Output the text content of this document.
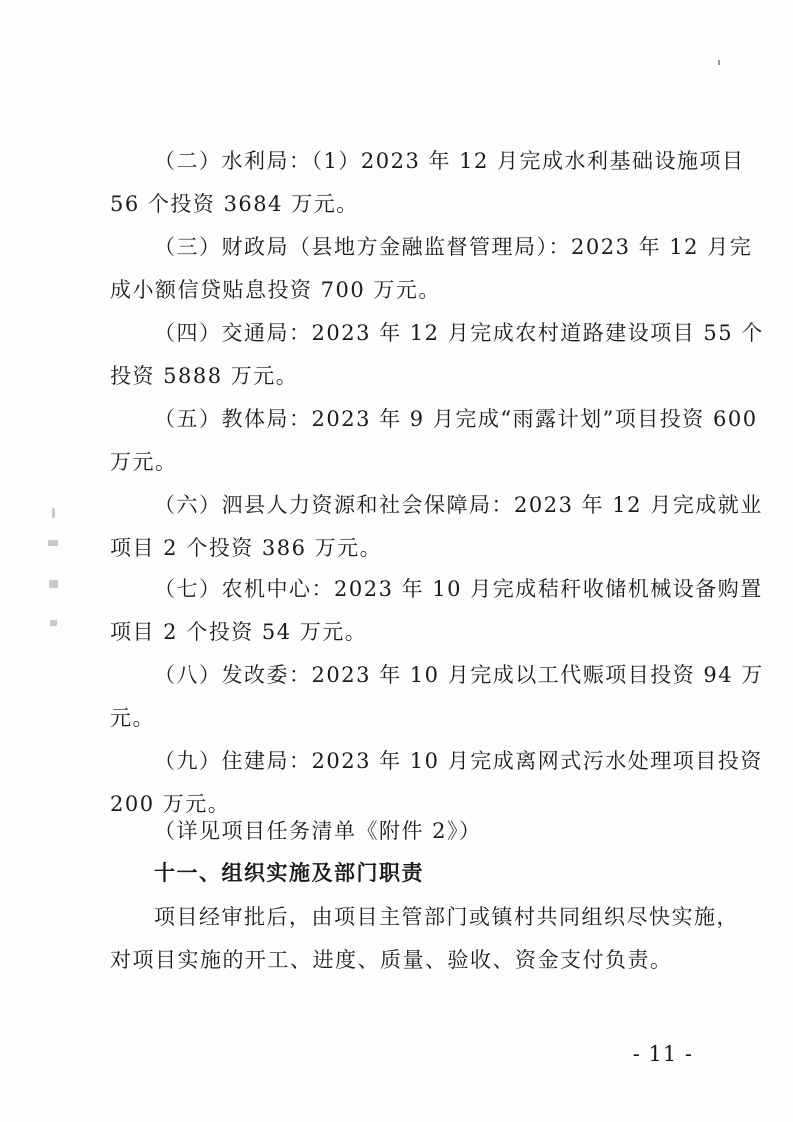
（二）水利局：（1）2023 年 12 月完成水利基础设施项目
56 个投资 3684 万元。
（三）财政局（县地方金融监督管理局）：2023 年 12 月完
成小额信贷贴息投资 700 万元。
（四）交通局：2023 年 12 月完成农村道路建设项目 55 个
投资 5888 万元。
（五）教体局：2023 年 9 月完成“雨露计划”项目投资 600
万元。
（六）泗县人力资源和社会保障局：2023 年 12 月完成就业
项目 2 个投资 386 万元。
（七）农机中心：2023 年 10 月完成秸秆收储机械设备购置
项目 2 个投资 54 万元。
（八）发改委：2023 年 10 月完成以工代赈项目投资 94 万
元。
（九）住建局：2023 年 10 月完成离网式污水处理项目投资
200 万元。
（详见项目任务清单《附件 2》）
十一、组织实施及部门职责
项目经审批后，由项目主管部门或镇村共同组织尽快实施，
对项目实施的开工、进度、质量、验收、资金支付负责。
- 11 -
